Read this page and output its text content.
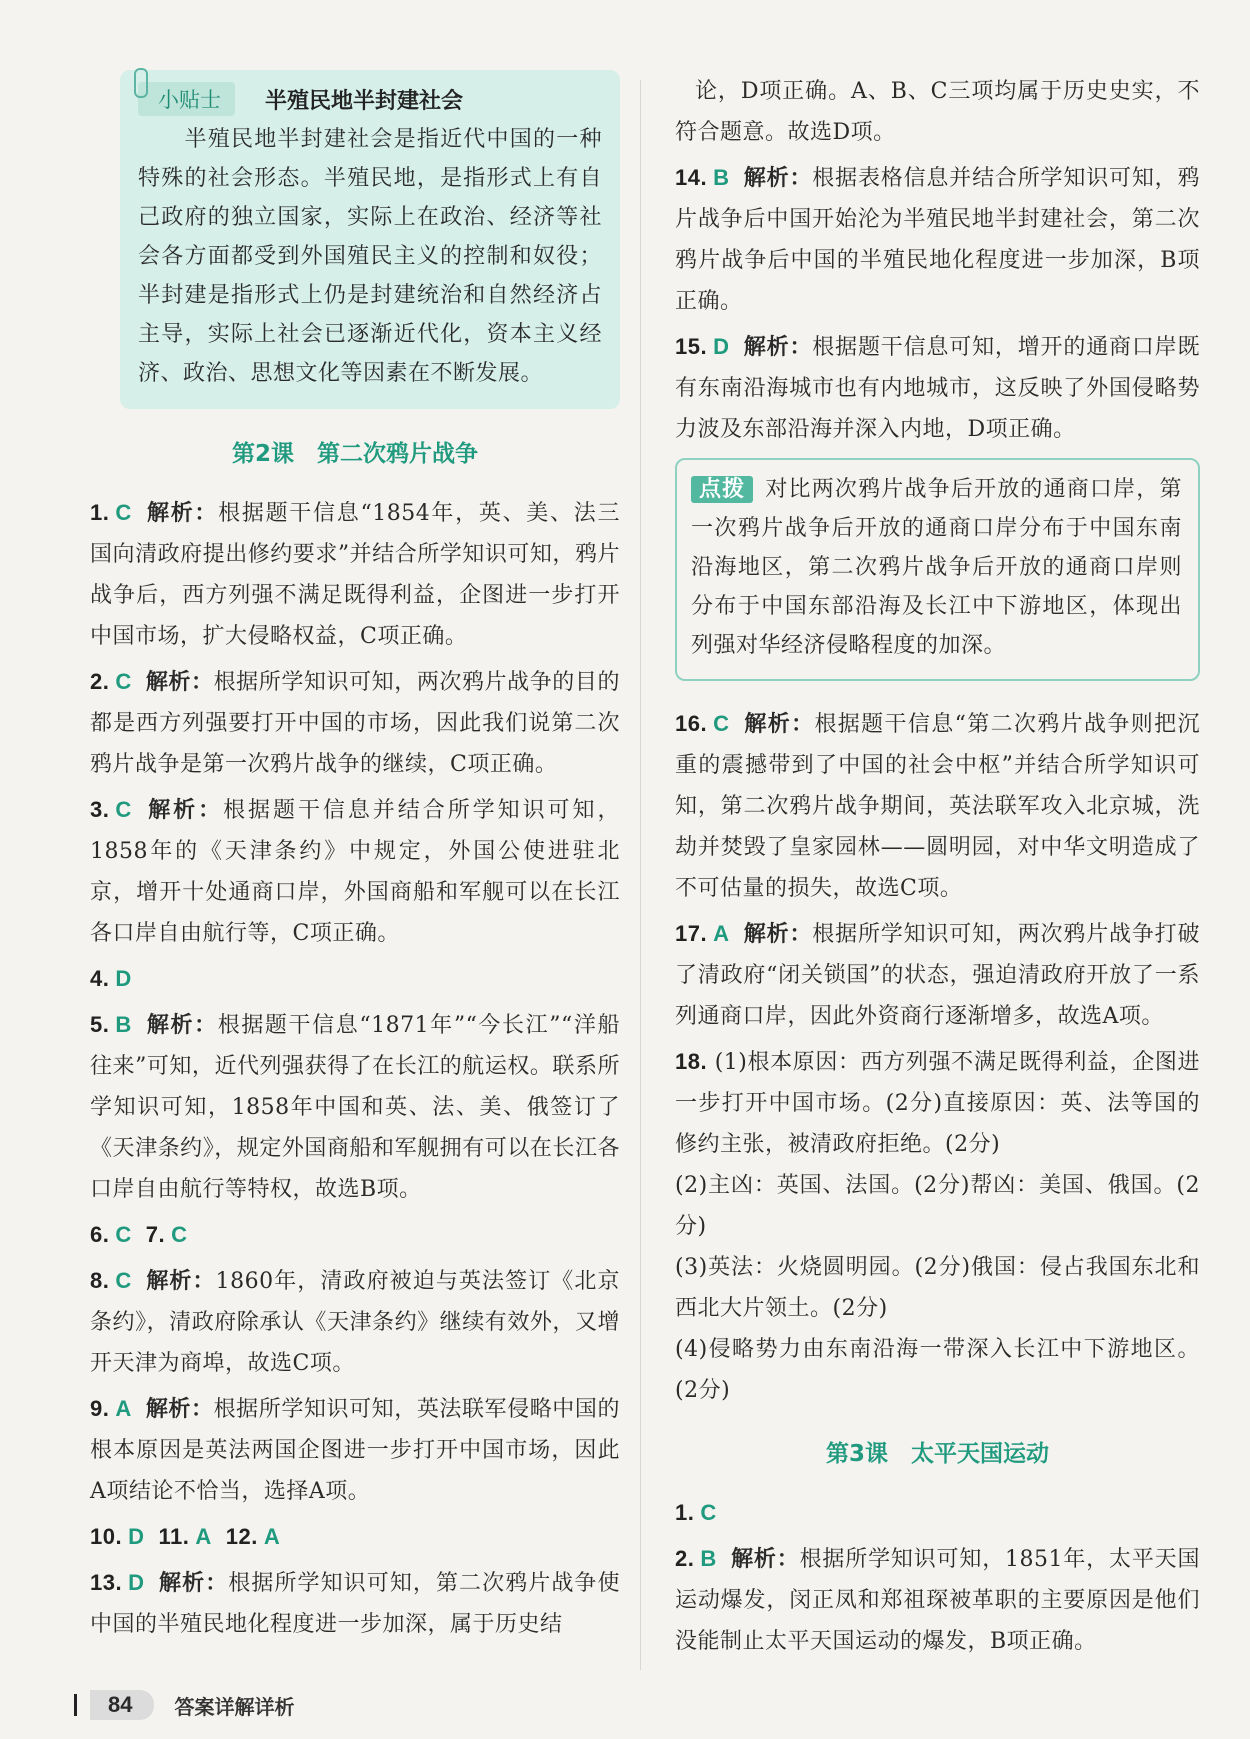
小贴士	半殖民地半封建社会
　　半殖民地半封建社会是指近代中国的一种特殊的社会形态。半殖民地，是指形式上有自己政府的独立国家，实际上在政治、经济等社会各方面都受到外国殖民主义的控制和奴役；半封建是指形式上仍是封建统治和自然经济占主导，实际上社会已逐渐近代化，资本主义经济、政治、思想文化等因素在不断发展。
第2课　第二次鸦片战争
1. C 解析：根据题干信息“1854年，英、美、法三国向清政府提出修约要求”并结合所学知识可知，鸦片战争后，西方列强不满足既得利益，企图进一步打开中国市场，扩大侵略权益，C项正确。
2. C 解析：根据所学知识可知，两次鸦片战争的目的都是西方列强要打开中国的市场，因此我们说第二次鸦片战争是第一次鸦片战争的继续，C项正确。
3. C 解析：根据题干信息并结合所学知识可知，1858年的《天津条约》中规定，外国公使进驻北京，增开十处通商口岸，外国商船和军舰可以在长江各口岸自由航行等，C项正确。
4. D
5. B 解析：根据题干信息“1871年”“今长江”“洋船往来”可知，近代列强获得了在长江的航运权。联系所学知识可知，1858年中国和英、法、美、俄签订了《天津条约》，规定外国商船和军舰拥有可以在长江各口岸自由航行等特权，故选B项。
6. C 7. C
8. C 解析：1860年，清政府被迫与英法签订《北京条约》，清政府除承认《天津条约》继续有效外，又增开天津为商埠，故选C项。
9. A 解析：根据所学知识可知，英法联军侵略中国的根本原因是英法两国企图进一步打开中国市场，因此A项结论不恰当，选择A项。
10. D 11. A 12. A
13. D 解析：根据所学知识可知，第二次鸦片战争使中国的半殖民地化程度进一步加深，属于历史结
论，D项正确。A、B、C三项均属于历史史实，不符合题意。故选D项。
14. B 解析：根据表格信息并结合所学知识可知，鸦片战争后中国开始沦为半殖民地半封建社会，第二次鸦片战争后中国的半殖民地化程度进一步加深，B项正确。
15. D 解析：根据题干信息可知，增开的通商口岸既有东南沿海城市也有内地城市，这反映了外国侵略势力波及东部沿海并深入内地，D项正确。
点拨 对比两次鸦片战争后开放的通商口岸，第一次鸦片战争后开放的通商口岸分布于中国东南沿海地区，第二次鸦片战争后开放的通商口岸则分布于中国东部沿海及长江中下游地区，体现出列强对华经济侵略程度的加深。
16. C 解析：根据题干信息“第二次鸦片战争则把沉重的震撼带到了中国的社会中枢”并结合所学知识可知，第二次鸦片战争期间，英法联军攻入北京城，洗劫并焚毁了皇家园林——圆明园，对中华文明造成了不可估量的损失，故选C项。
17. A 解析：根据所学知识可知，两次鸦片战争打破了清政府“闭关锁国”的状态，强迫清政府开放了一系列通商口岸，因此外资商行逐渐增多，故选A项。
18. (1)根本原因：西方列强不满足既得利益，企图进一步打开中国市场。(2分)直接原因：英、法等国的修约主张，被清政府拒绝。(2分)
(2)主凶：英国、法国。(2分)帮凶：美国、俄国。(2分)
(3)英法：火烧圆明园。(2分)俄国：侵占我国东北和西北大片领土。(2分)
(4)侵略势力由东南沿海一带深入长江中下游地区。(2分)
第3课　太平天国运动
1. C
2. B 解析：根据所学知识可知，1851年，太平天国运动爆发，闵正凤和郑祖琛被革职的主要原因是他们没能制止太平天国运动的爆发，B项正确。
84	答案详解详析
